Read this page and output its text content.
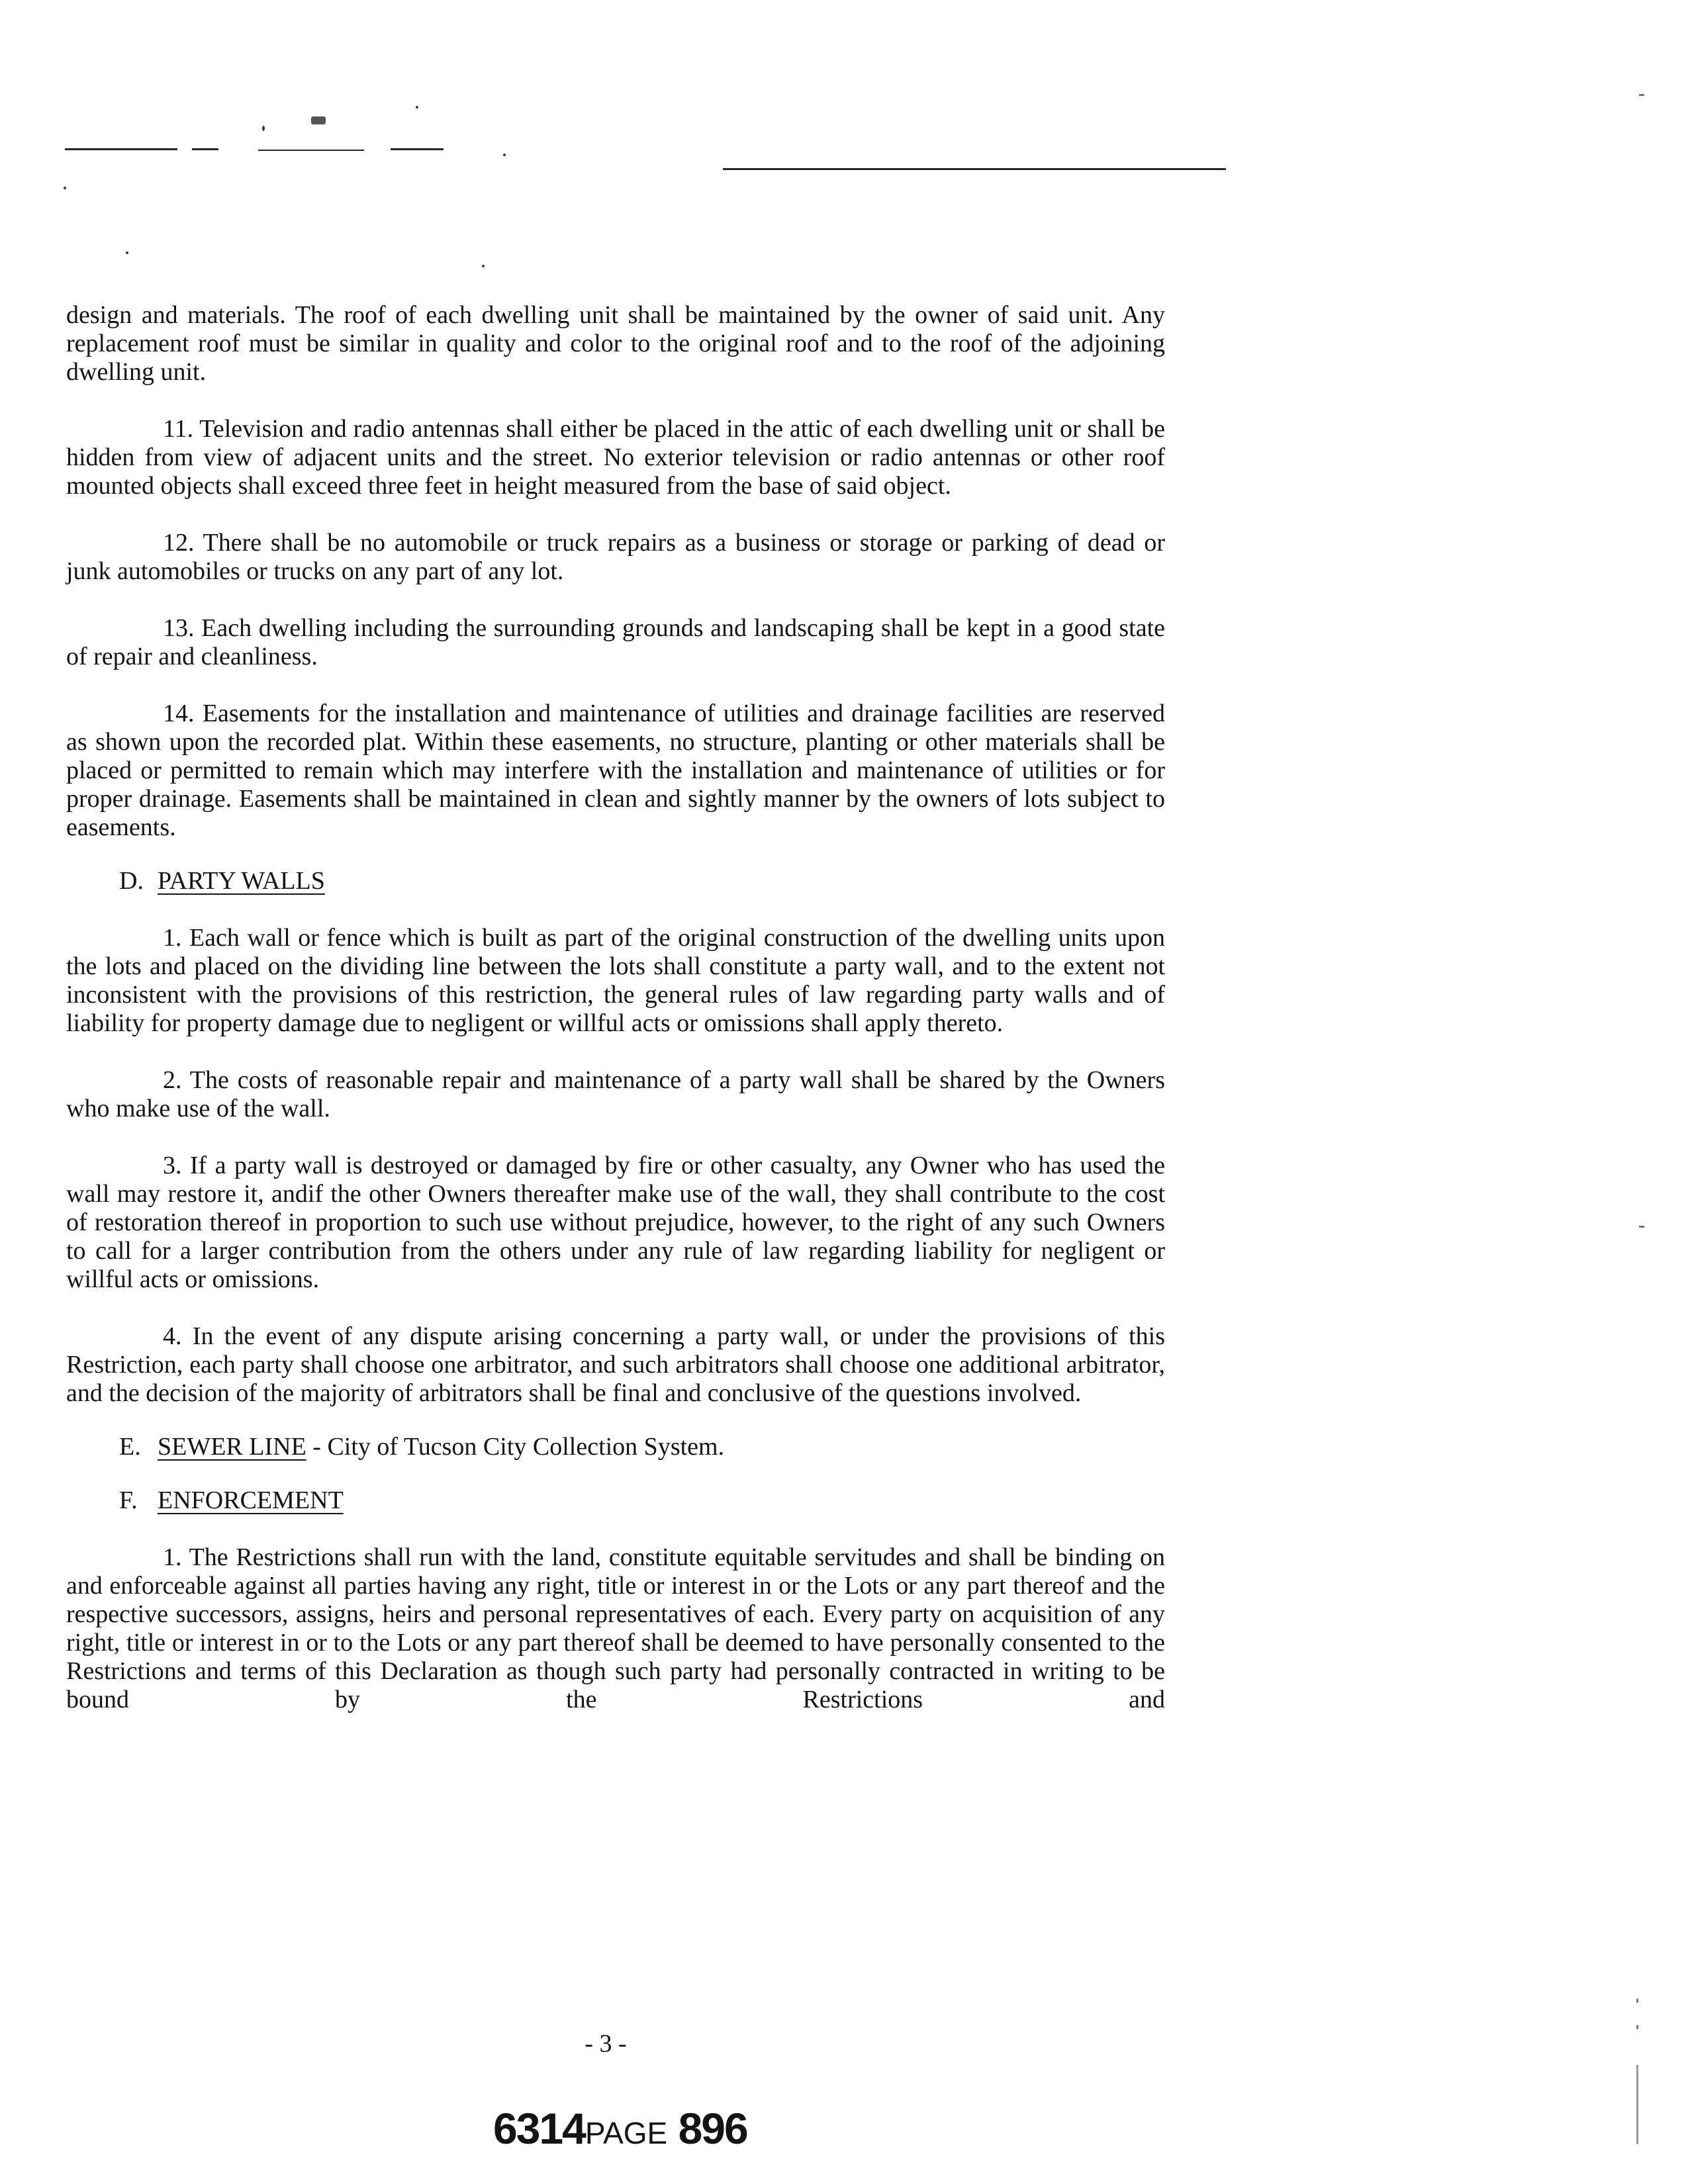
design and materials. The roof of each dwelling unit shall be maintained by the owner of said unit. Any replacement roof must be similar in quality and color to the original roof and to the roof of the adjoining dwelling unit.

11. Television and radio antennas shall either be placed in the attic of each dwelling unit or shall be hidden from view of adjacent units and the street. No exterior television or radio antennas or other roof mounted objects shall exceed three feet in height measured from the base of said object.

12. There shall be no automobile or truck repairs as a business or storage or parking of dead or junk automobiles or trucks on any part of any lot.

13. Each dwelling including the surrounding grounds and landscaping shall be kept in a good state of repair and cleanliness.

14. Easements for the installation and maintenance of utilities and drainage facilities are reserved as shown upon the recorded plat. Within these easements, no structure, planting or other materials shall be placed or permitted to remain which may interfere with the installation and maintenance of utilities or for proper drainage. Easements shall be maintained in clean and sightly manner by the owners of lots subject to easements.

D. PARTY WALLS

1. Each wall or fence which is built as part of the original construction of the dwelling units upon the lots and placed on the dividing line between the lots shall constitute a party wall, and to the extent not inconsistent with the provisions of this restriction, the general rules of law regarding party walls and of liability for property damage due to negligent or willful acts or omissions shall apply thereto.

2. The costs of reasonable repair and maintenance of a party wall shall be shared by the Owners who make use of the wall.

3. If a party wall is destroyed or damaged by fire or other casualty, any Owner who has used the wall may restore it, andif the other Owners thereafter make use of the wall, they shall contribute to the cost of restoration thereof in proportion to such use without prejudice, however, to the right of any such Owners to call for a larger contribution from the others under any rule of law regarding liability for negligent or willful acts or omissions.

4. In the event of any dispute arising concerning a party wall, or under the provisions of this Restriction, each party shall choose one arbitrator, and such arbitrators shall choose one additional arbitrator, and the decision of the majority of arbitrators shall be final and conclusive of the questions involved.

E. SEWER LINE - City of Tucson City Collection System.
F. ENFORCEMENT

1. The Restrictions shall run with the land, constitute equitable servitudes and shall be binding on and enforceable against all parties having any right, title or interest in or the Lots or any part thereof and the respective successors, assigns, heirs and personal representatives of each. Every party on acquisition of any right, title or interest in or to the Lots or any part thereof shall be deemed to have personally consented to the Restrictions and terms of this Declaration as though such party had personally contracted in writing to be bound by the Restrictions and

- 3 -
6314PAGE 896
